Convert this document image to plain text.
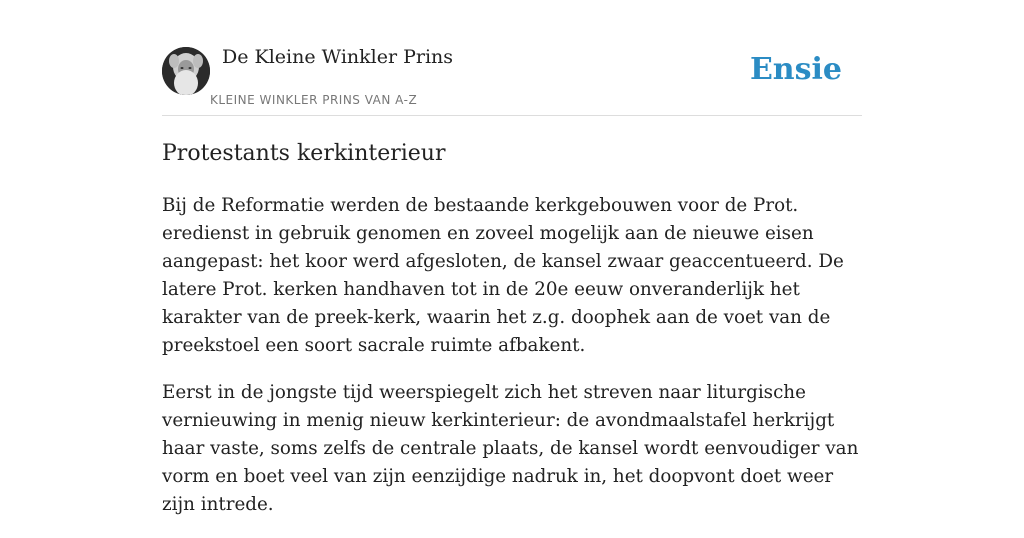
De Kleine Winkler Prins
KLEINE WINKLER PRINS VAN A-Z
Ensie
Protestants kerkinterieur

Bij de Reformatie werden de bestaande kerkgebouwen voor de Prot. eredienst in gebruik genomen en zoveel mogelijk aan de nieuwe eisen aangepast: het koor werd afgesloten, de kansel zwaar geaccentueerd. De latere Prot. kerken handhaven tot in de 20e eeuw onveranderlijk het karakter van de preek-kerk, waarin het z.g. doophek aan de voet van de preekstoel een soort sacrale ruimte afbakent.

Eerst in de jongste tijd weerspiegelt zich het streven naar liturgische vernieuwing in menig nieuw kerkinterieur: de avondmaalstafel herkrijgt haar vaste, soms zelfs de centrale plaats, de kansel wordt eenvoudiger van vorm en boet veel van zijn eenzijdige nadruk in, het doopvont doet weer zijn intrede.
